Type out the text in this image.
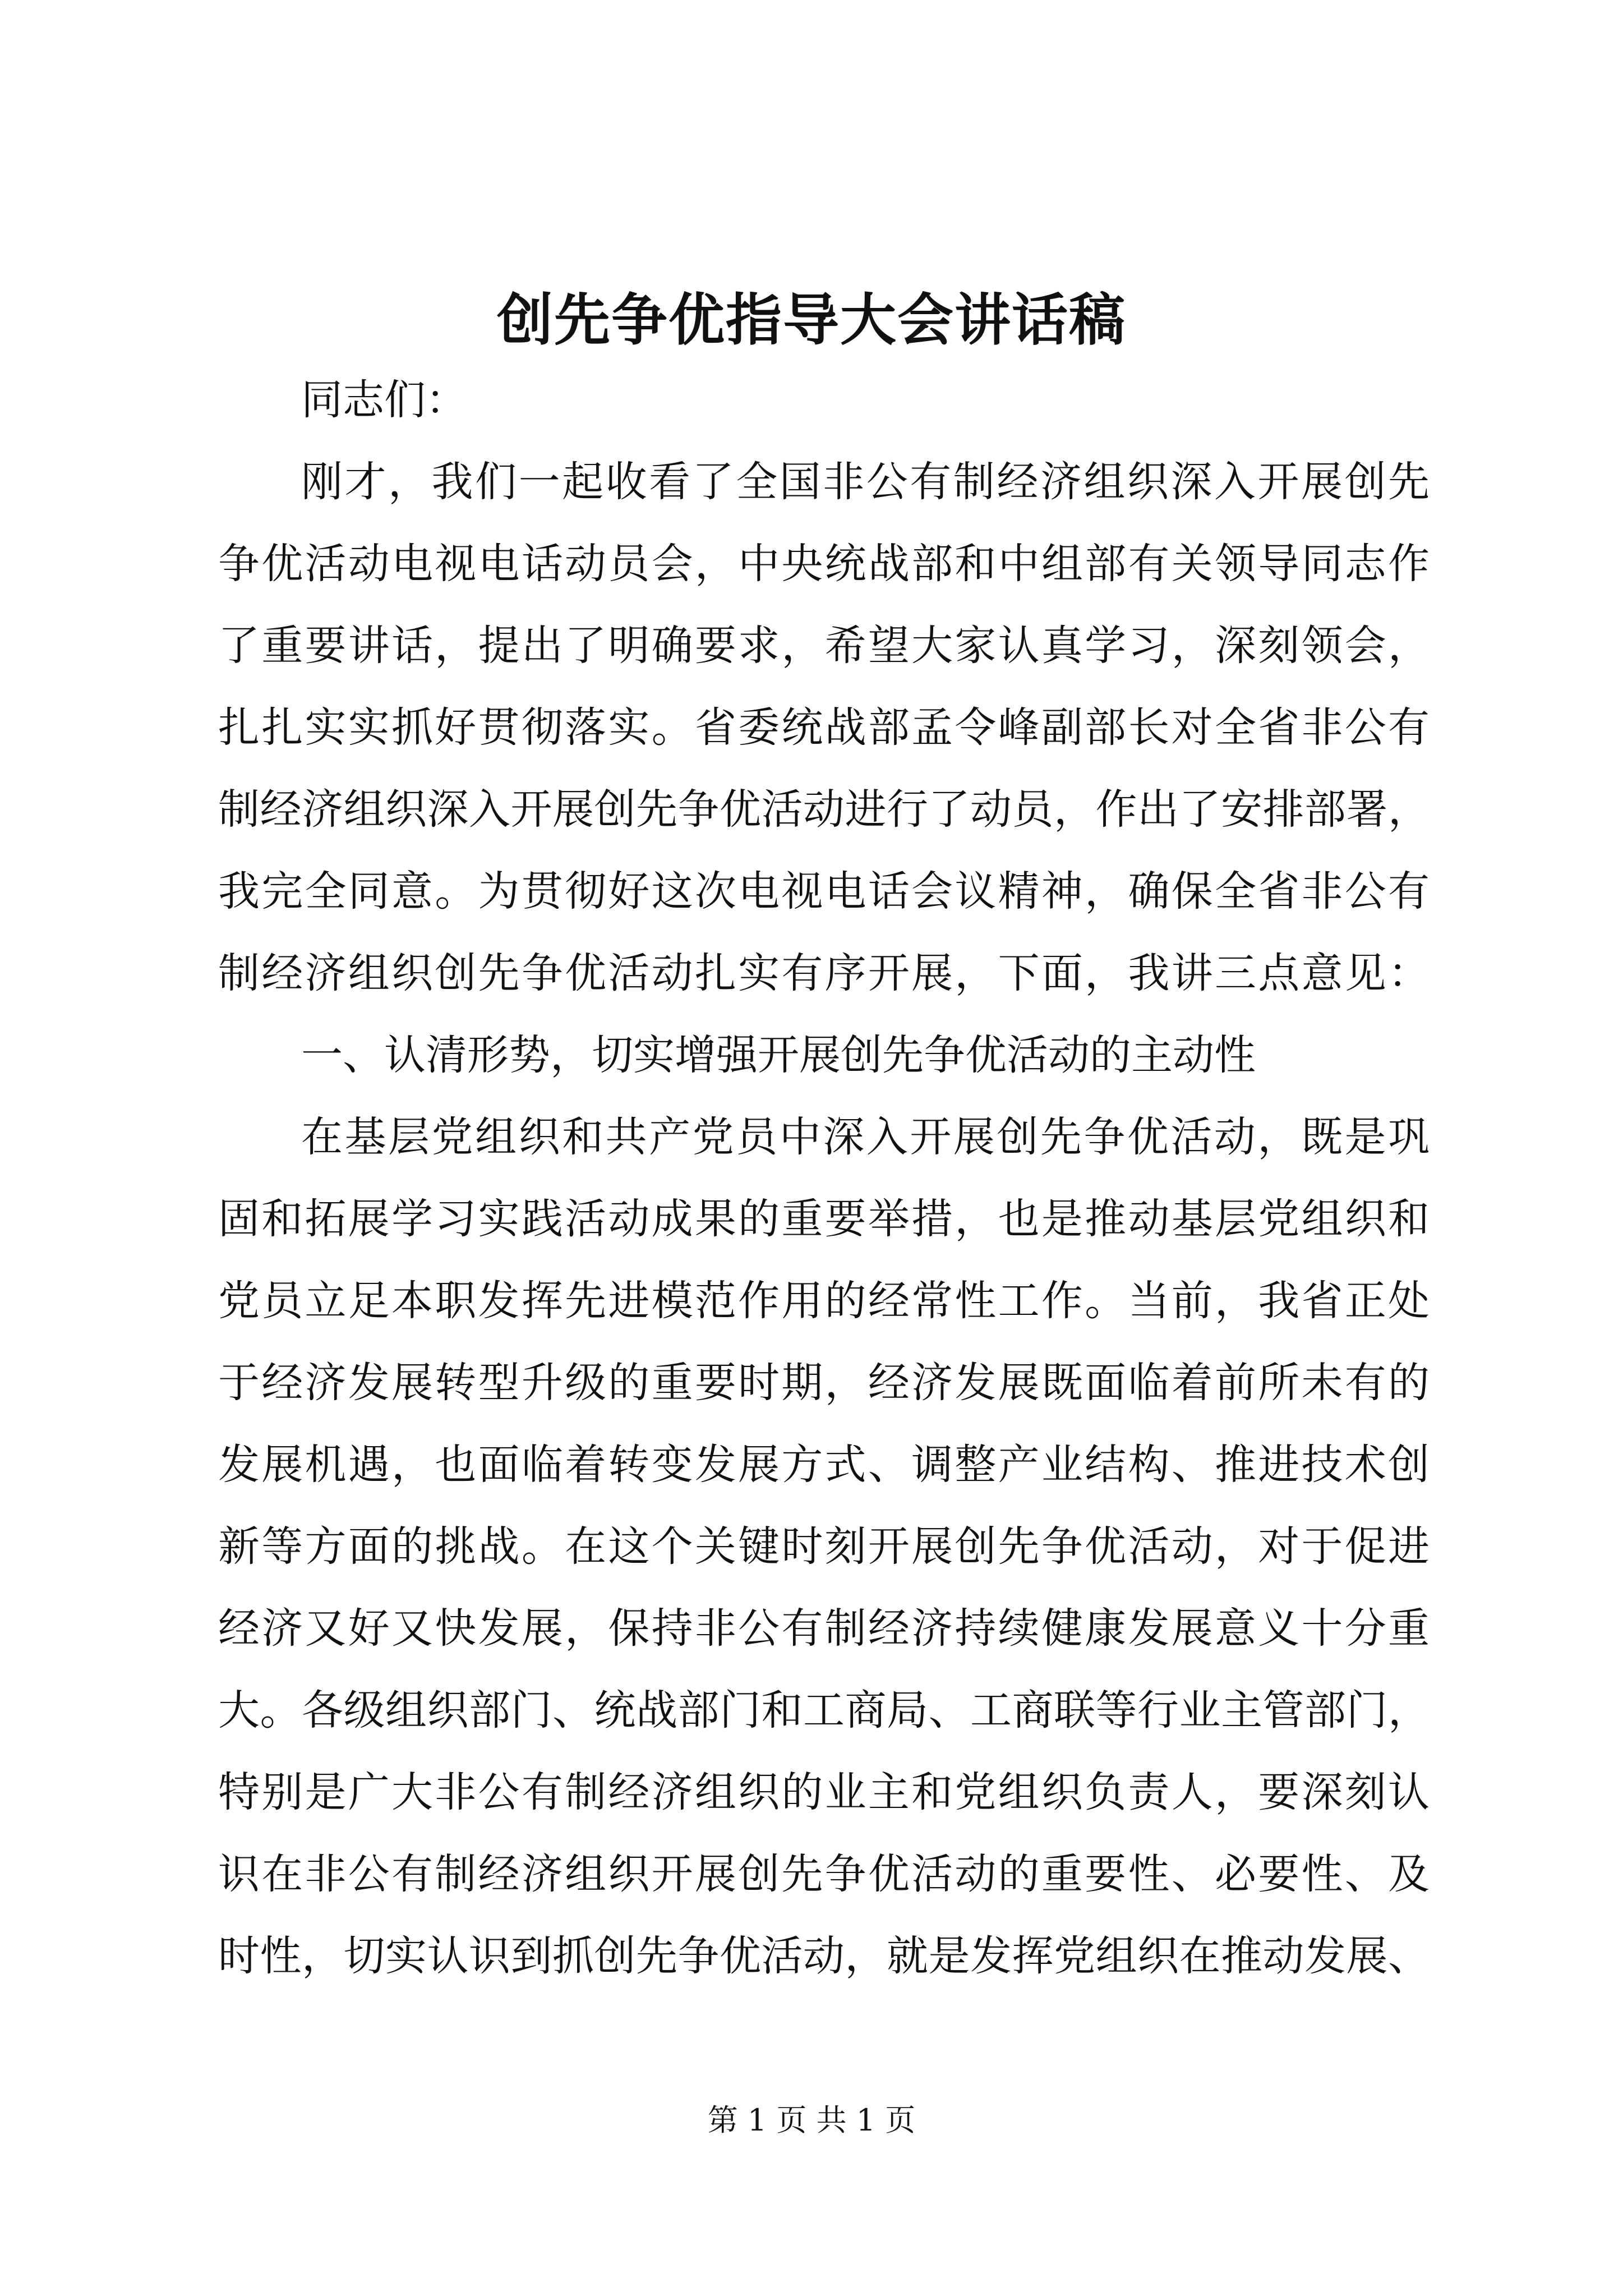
创先争优指导大会讲话稿
同志们：
刚才，我们一起收看了全国非公有制经济组织深入开展创先
争优活动电视电话动员会，中央统战部和中组部有关领导同志作
了重要讲话，提出了明确要求，希望大家认真学习，深刻领会，
扎扎实实抓好贯彻落实。省委统战部孟令峰副部长对全省非公有
制经济组织深入开展创先争优活动进行了动员，作出了安排部署，
我完全同意。为贯彻好这次电视电话会议精神，确保全省非公有
制经济组织创先争优活动扎实有序开展，下面，我讲三点意见：
一、认清形势，切实增强开展创先争优活动的主动性
在基层党组织和共产党员中深入开展创先争优活动，既是巩
固和拓展学习实践活动成果的重要举措，也是推动基层党组织和
党员立足本职发挥先进模范作用的经常性工作。当前，我省正处
于经济发展转型升级的重要时期，经济发展既面临着前所未有的
发展机遇，也面临着转变发展方式、调整产业结构、推进技术创
新等方面的挑战。在这个关键时刻开展创先争优活动，对于促进
经济又好又快发展，保持非公有制经济持续健康发展意义十分重
大。各级组织部门、统战部门和工商局、工商联等行业主管部门，
特别是广大非公有制经济组织的业主和党组织负责人，要深刻认
识在非公有制经济组织开展创先争优活动的重要性、必要性、及
时性，切实认识到抓创先争优活动，就是发挥党组织在推动发展、
第 1 页 共 1 页
